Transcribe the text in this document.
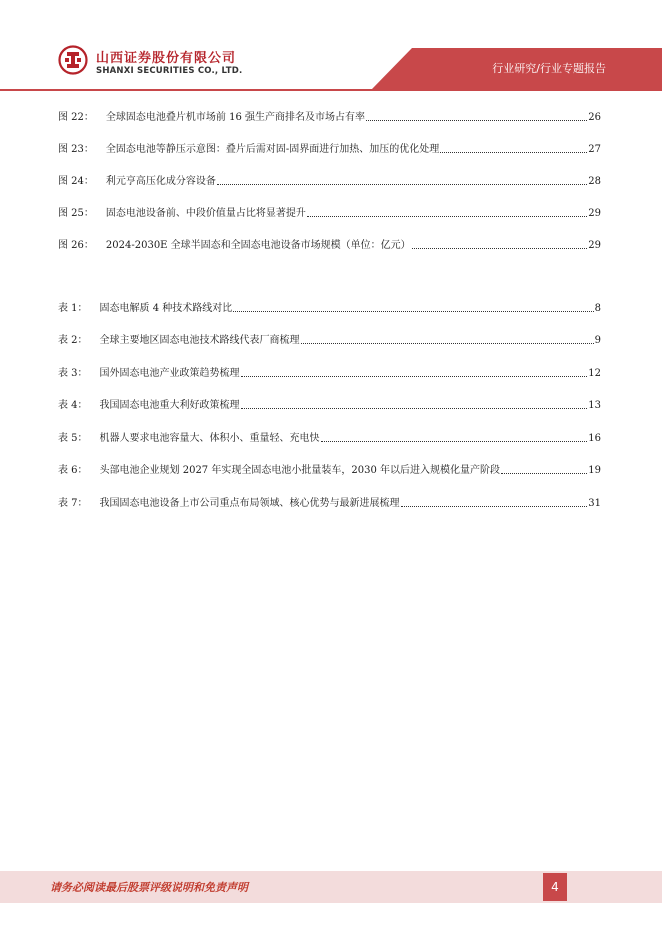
山西证券股份有限公司
SHANXI SECURITIES CO., LTD.	行业研究/行业专题报告
图 22： 全球固态电池叠片机市场前 16 强生产商排名及市场占有率	26
图 23： 全固态电池等静压示意图：叠片后需对固-固界面进行加热、加压的优化处理	27
图 24： 利元亨高压化成分容设备	28
图 25： 固态电池设备前、中段价值量占比将显著提升	29
图 26： 2024-2030E 全球半固态和全固态电池设备市场规模（单位：亿元）	29
表 1： 固态电解质 4 种技术路线对比	8
表 2： 全球主要地区固态电池技术路线代表厂商梳理	9
表 3： 国外固态电池产业政策趋势梳理	12
表 4： 我国固态电池重大利好政策梳理	13
表 5： 机器人要求电池容量大、体积小、重量轻、充电快	16
表 6： 头部电池企业规划 2027 年实现全固态电池小批量装车，2030 年以后进入规模化量产阶段	19
表 7： 我国固态电池设备上市公司重点布局领域、核心优势与最新进展梳理	31
请务必阅读最后股票评级说明和免责声明	4
